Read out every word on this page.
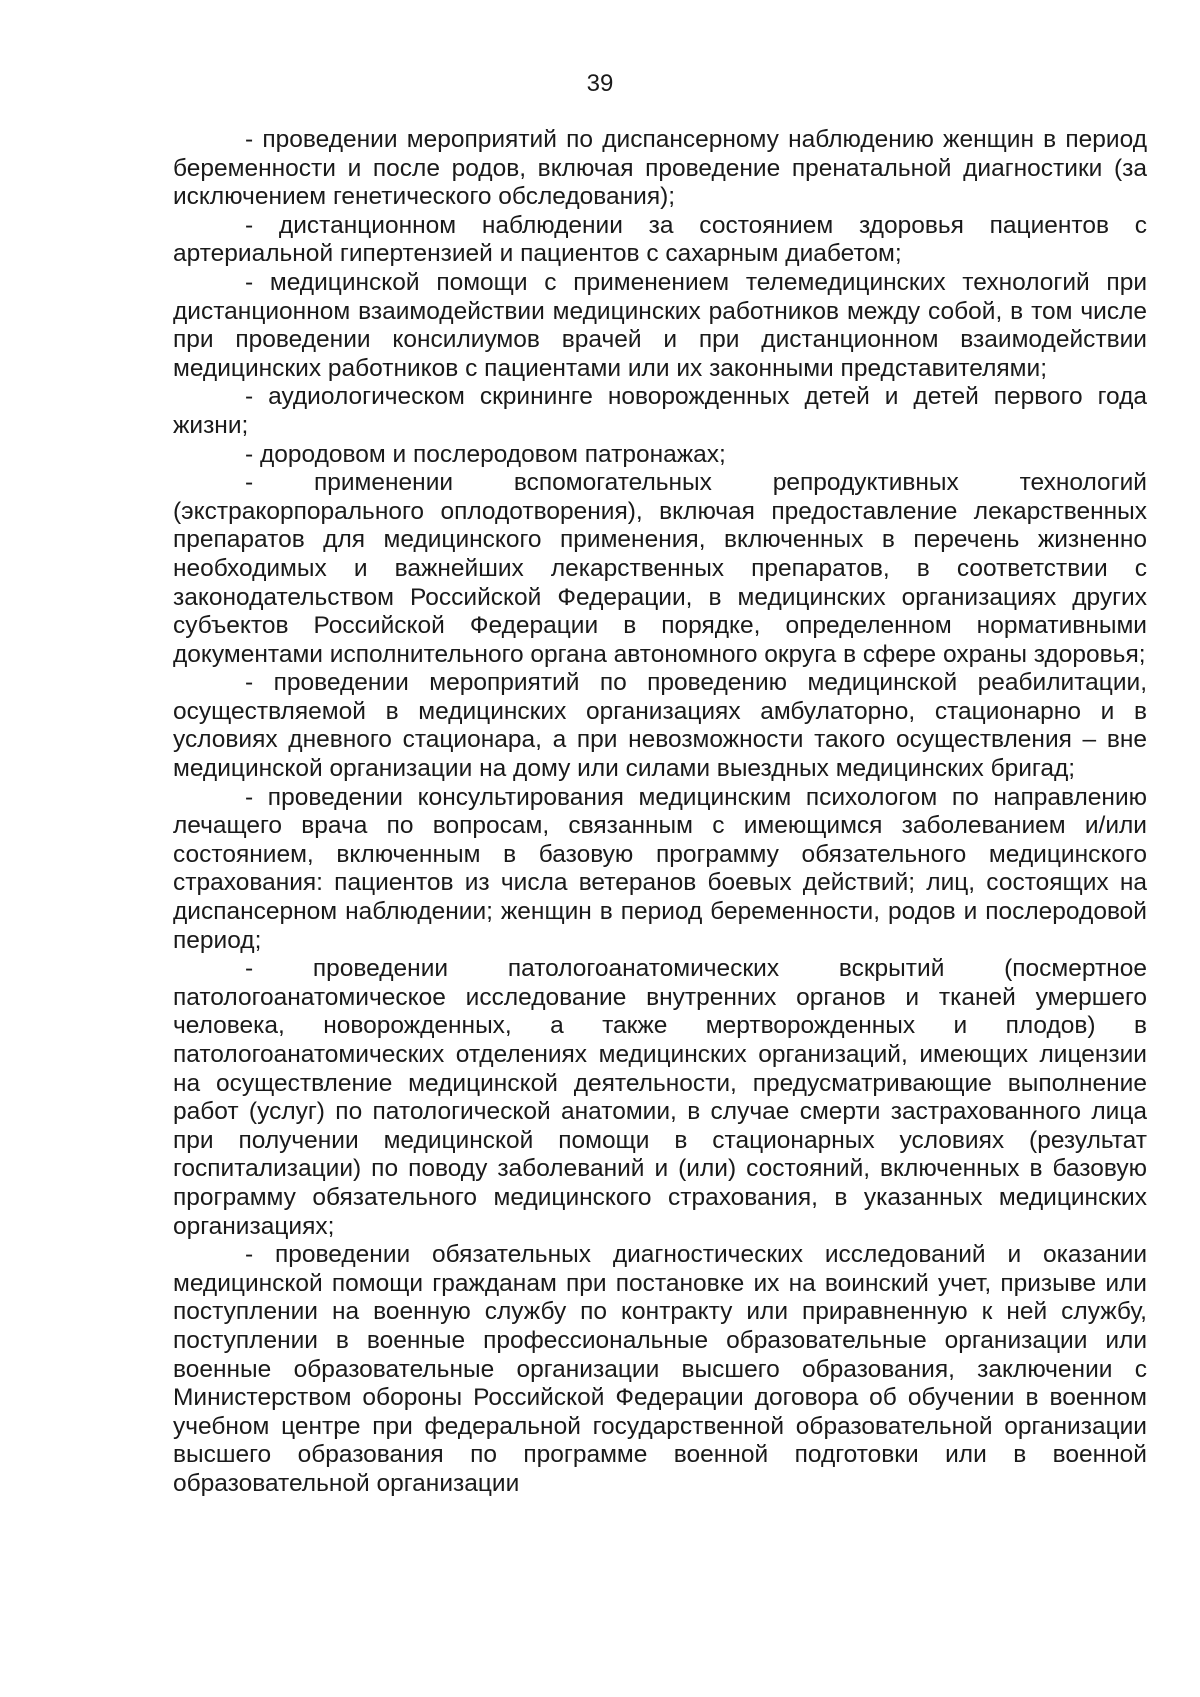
39

- проведении мероприятий по диспансерному наблюдению женщин в период беременности и после родов, включая проведение пренатальной диагностики (за исключением генетического обследования);

- дистанционном наблюдении за состоянием здоровья пациентов с артериальной гипертензией и пациентов с сахарным диабетом;

- медицинской помощи с применением телемедицинских технологий при дистанционном взаимодействии медицинских работников между собой, в том числе при проведении консилиумов врачей и при дистанционном взаимодействии медицинских работников с пациентами или их законными представителями;

- аудиологическом скрининге новорожденных детей и детей первого года жизни;

- дородовом и послеродовом патронажах;

- применении вспомогательных репродуктивных технологий (экстракорпорального оплодотворения), включая предоставление лекарственных препаратов для медицинского применения, включенных в перечень жизненно необходимых и важнейших лекарственных препаратов, в соответствии с законодательством Российской Федерации, в медицинских организациях других субъектов Российской Федерации в порядке, определенном нормативными документами исполнительного органа автономного округа в сфере охраны здоровья;

- проведении мероприятий по проведению медицинской реабилитации, осуществляемой в медицинских организациях амбулаторно, стационарно и в условиях дневного стационара, а при невозможности такого осуществления – вне медицинской организации на дому или силами выездных медицинских бригад;

- проведении консультирования медицинским психологом по направлению лечащего врача по вопросам, связанным с имеющимся заболеванием и/или состоянием, включенным в базовую программу обязательного медицинского страхования: пациентов из числа ветеранов боевых действий; лиц, состоящих на диспансерном наблюдении; женщин в период беременности, родов и послеродовой период;

- проведении патологоанатомических вскрытий (посмертное патологоанатомическое исследование внутренних органов и тканей умершего человека, новорожденных, а также мертворожденных и плодов) в патологоанатомических отделениях медицинских организаций, имеющих лицензии на осуществление медицинской деятельности, предусматривающие выполнение работ (услуг) по патологической анатомии, в случае смерти застрахованного лица при получении медицинской помощи в стационарных условиях (результат госпитализации) по поводу заболеваний и (или) состояний, включенных в базовую программу обязательного медицинского страхования, в указанных медицинских организациях;

- проведении обязательных диагностических исследований и оказании медицинской помощи гражданам при постановке их на воинский учет, призыве или поступлении на военную службу по контракту или приравненную к ней службу, поступлении в военные профессиональные образовательные организации или военные образовательные организации высшего образования, заключении с Министерством обороны Российской Федерации договора об обучении в военном учебном центре при федеральной государственной образовательной организации высшего образования по программе военной подготовки или в военной образовательной организации
